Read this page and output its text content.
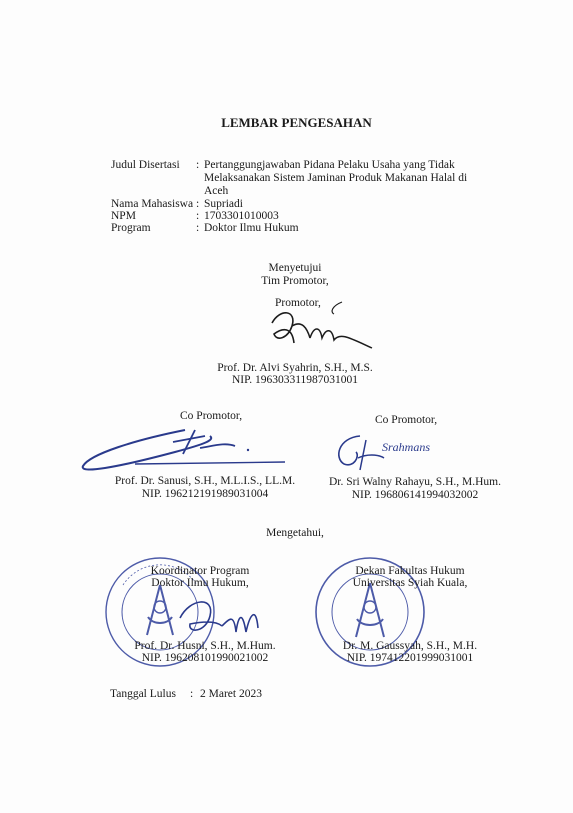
LEMBAR PENGESAHAN
Judul Disertasi : Pertanggungjawaban Pidana Pelaku Usaha yang Tidak Melaksanakan Sistem Jaminan Produk Makanan Halal di Aceh
Nama Mahasiswa : Supriadi
NPM	: 1703301010003
Program	: Doktor Ilmu Hukum
Menyetujui
Tim Promotor,
Promotor,
Prof. Dr. Alvi Syahrin, S.H., M.S.
NIP. 196303311987031001
Co Promotor,
Prof. Dr. Sanusi, S.H., M.L.I.S., LL.M.
NIP. 196212191989031004
Co Promotor,
Srahmans
Dr. Sri Walny Rahayu, S.H., M.Hum.
NIP. 196806141994032002
Mengetahui,
Koordinator Program
Doktor Ilmu Hukum,
Prof. Dr. Husni, S.H., M.Hum.
NIP. 196208101990021002
Dekan Fakultas Hukum
Universitas Syiah Kuala,
Dr. M. Gaussyah, S.H., M.H.
NIP. 197412201999031001
Tanggal Lulus : 2 Maret 2023
